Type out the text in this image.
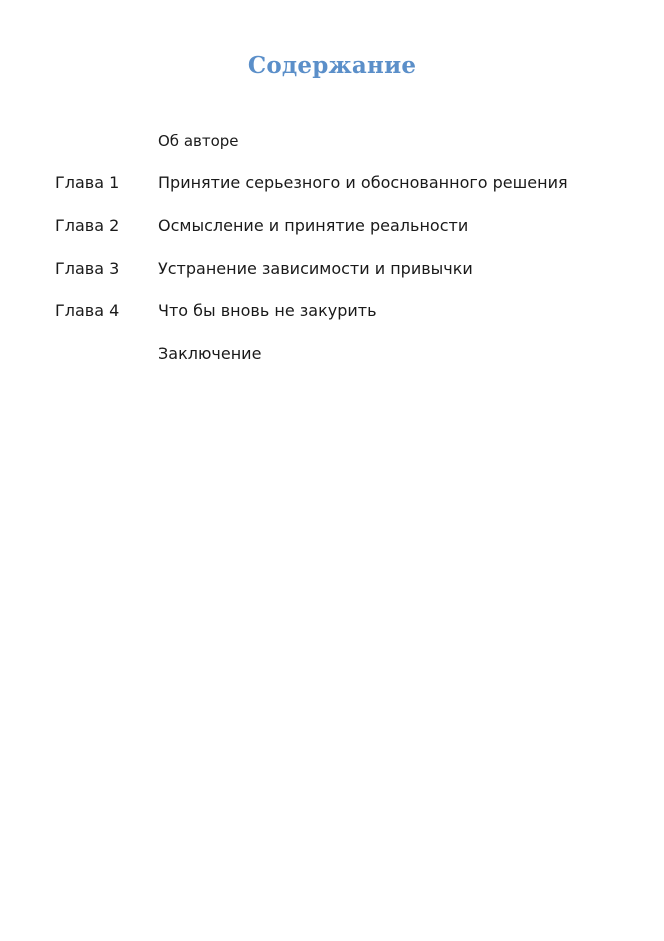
Содержание
Об авторе
Глава 1 Принятие серьезного и обоснованного решения
Глава 2 Осмысление и принятие реальности
Глава 3 Устранение зависимости и привычки
Глава 4 Что бы вновь не закурить
Заключение
